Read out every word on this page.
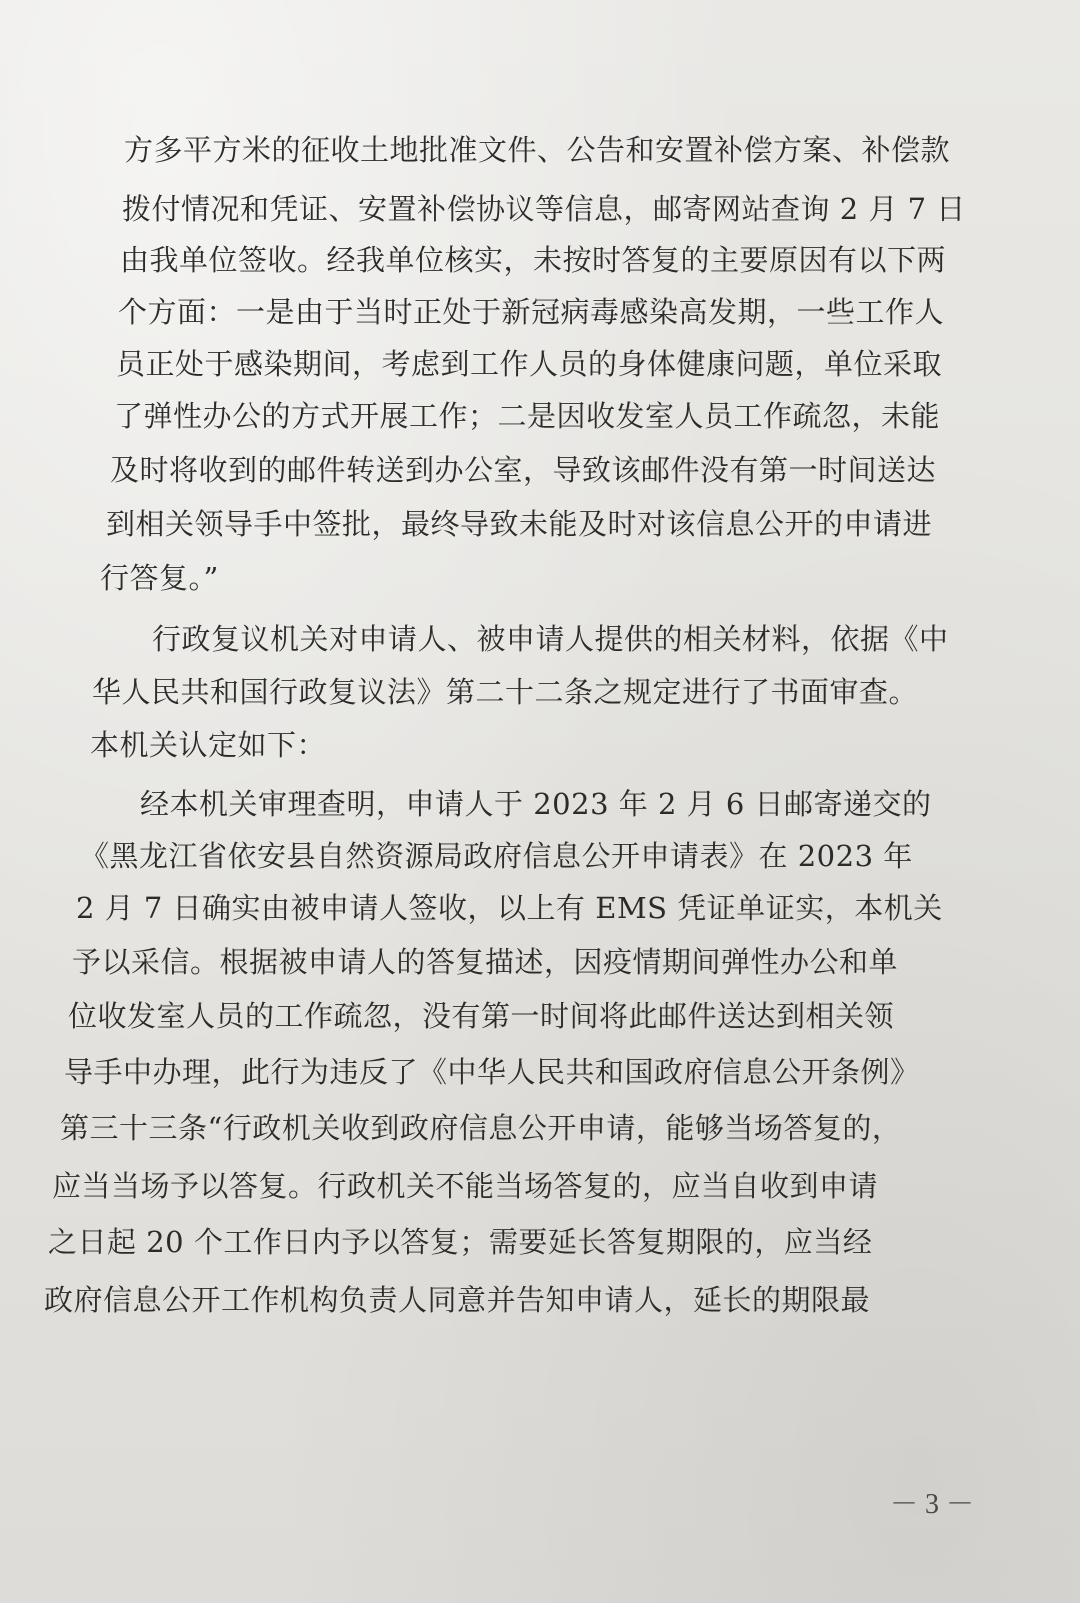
方多平方米的征收土地批准文件、公告和安置补偿方案、补偿款
拨付情况和凭证、安置补偿协议等信息，邮寄网站查询 2 月 7 日
由我单位签收。经我单位核实，未按时答复的主要原因有以下两
个方面：一是由于当时正处于新冠病毒感染高发期，一些工作人
员正处于感染期间，考虑到工作人员的身体健康问题，单位采取
了弹性办公的方式开展工作；二是因收发室人员工作疏忽，未能
及时将收到的邮件转送到办公室，导致该邮件没有第一时间送达
到相关领导手中签批，最终导致未能及时对该信息公开的申请进
行答复。”
行政复议机关对申请人、被申请人提供的相关材料，依据《中
华人民共和国行政复议法》第二十二条之规定进行了书面审查。
本机关认定如下：
经本机关审理查明，申请人于 2023 年 2 月 6 日邮寄递交的
《黑龙江省依安县自然资源局政府信息公开申请表》在 2023 年
2 月 7 日确实由被申请人签收，以上有 EMS 凭证单证实，本机关
予以采信。根据被申请人的答复描述，因疫情期间弹性办公和单
位收发室人员的工作疏忽，没有第一时间将此邮件送达到相关领
导手中办理，此行为违反了《中华人民共和国政府信息公开条例》
第三十三条“行政机关收到政府信息公开申请，能够当场答复的，
应当当场予以答复。行政机关不能当场答复的，应当自收到申请
之日起 20 个工作日内予以答复；需要延长答复期限的，应当经
政府信息公开工作机构负责人同意并告知申请人，延长的期限最
－ 3 －
